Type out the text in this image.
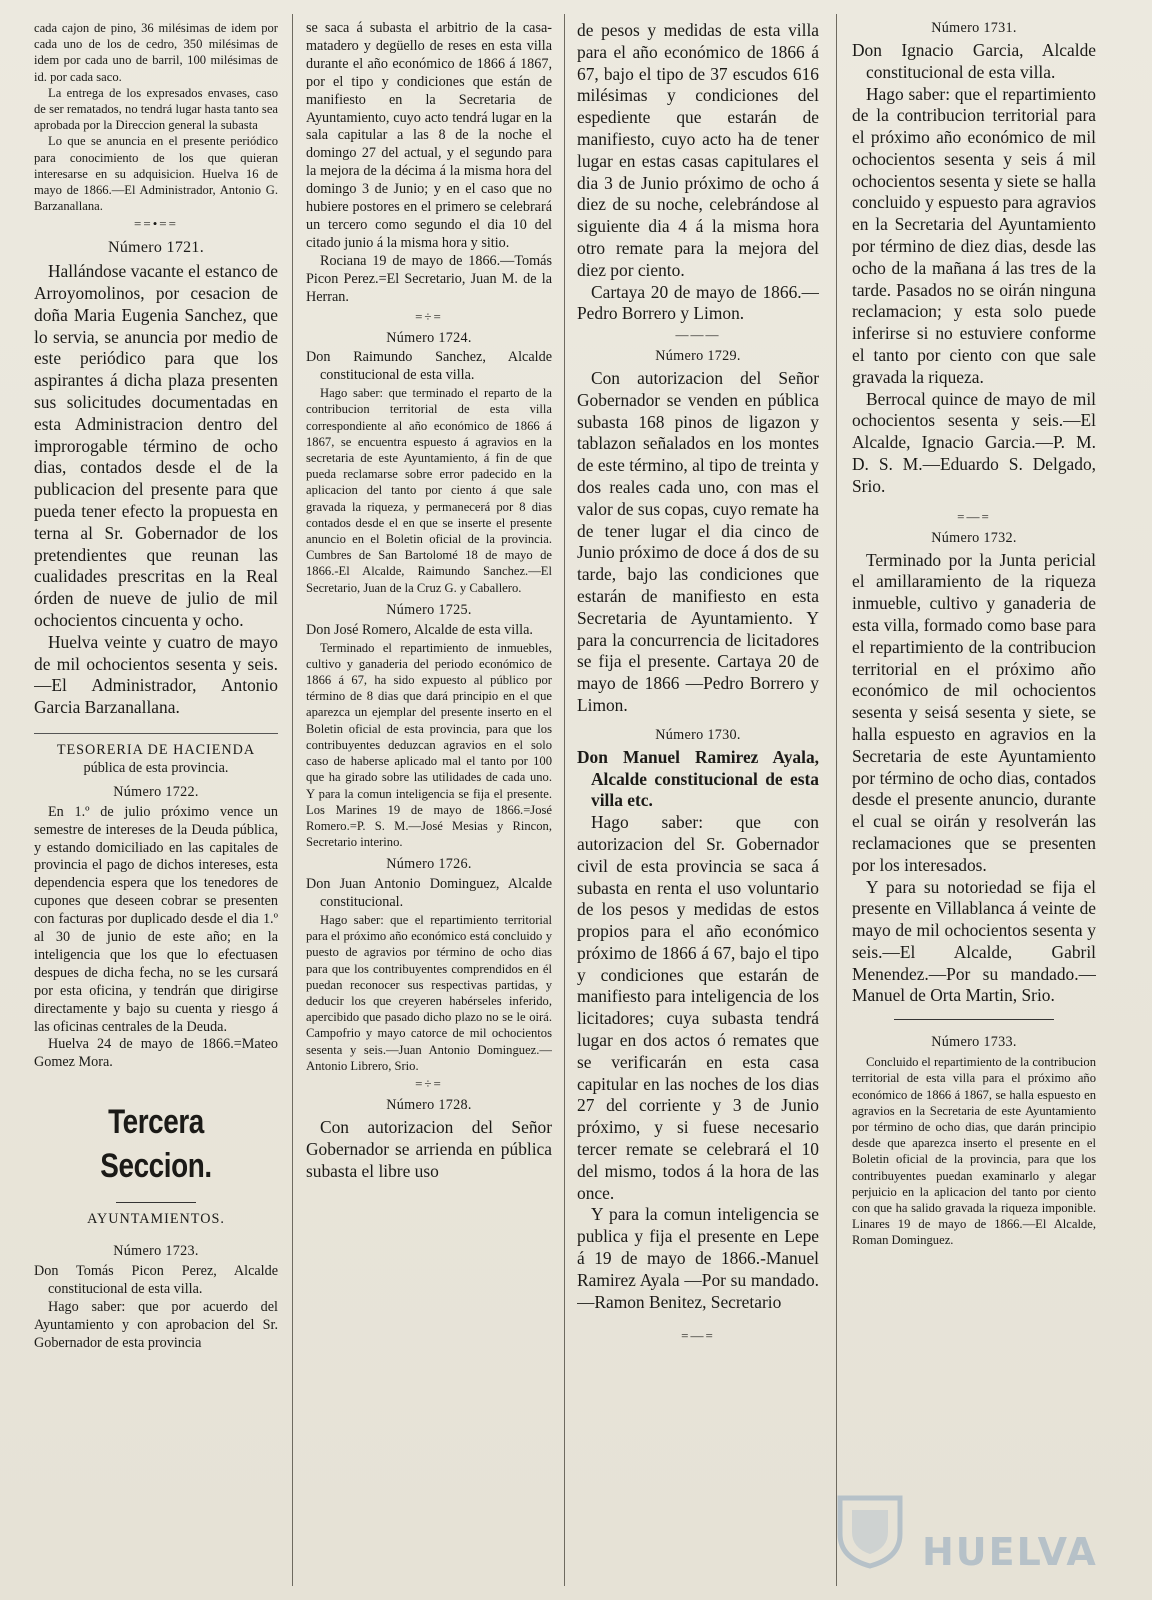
cada cajon de pino, 36 milésimas de idem por cada uno de los de cedro, 350 milésimas de idem por cada uno de barril, 100 milésimas de id. por cada saco.

La entrega de los expresados envases, caso de ser rematados, no tendrá lugar hasta tanto sea aprobada por la Direccion general la subasta

Lo que se anuncia en el presente periódico para conocimiento de los que quieran interesarse en su adquisicion. Huelva 16 de mayo de 1866.—El Administrador, Antonio G. Barzanallana.

==•==
Número 1721.

Hallándose vacante el estanco de Arroyomolinos, por cesacion de doña Maria Eugenia Sanchez, que lo servia, se anuncia por medio de este periódico para que los aspirantes á dicha plaza presenten sus solicitudes documentadas en esta Administracion dentro del improrogable término de ocho dias, contados desde el de la publicacion del presente para que pueda tener efecto la propuesta en terna al Sr. Gobernador de los pretendientes que reunan las cualidades prescritas en la Real órden de nueve de julio de mil ochocientos cincuenta y ocho.

Huelva veinte y cuatro de mayo de mil ochocientos sesenta y seis.—El Administrador, Antonio Garcia Barzanallana.

TESORERIA DE HACIENDA
pública de esta provincia.
Número 1722.

En 1.º de julio próximo vence un semestre de intereses de la Deuda pública, y estando domiciliado en las capitales de provincia el pago de dichos intereses, esta dependencia espera que los tenedores de cupones que deseen cobrar se presenten con facturas por duplicado desde el dia 1.º al 30 de junio de este año; en la inteligencia que los que lo efectuasen despues de dicha fecha, no se les cursará por esta oficina, y tendrán que dirigirse directamente y bajo su cuenta y riesgo á las oficinas centrales de la Deuda.

Huelva 24 de mayo de 1866.=Mateo Gomez Mora.

Tercera Seccion.
AYUNTAMIENTOS.
Número 1723.

Don Tomás Picon Perez, Alcalde constitucional de esta villa.

Hago saber: que por acuerdo del Ayuntamiento y con aprobacion del Sr. Gobernador de esta provincia

se saca á subasta el arbitrio de la casa-matadero y degüello de reses en esta villa durante el año económico de 1866 á 1867, por el tipo y condiciones que están de manifiesto en la Secretaria de Ayuntamiento, cuyo acto tendrá lugar en la sala capitular a las 8 de la noche el domingo 27 del actual, y el segundo para la mejora de la décima á la misma hora del domingo 3 de Junio; y en el caso que no hubiere postores en el primero se celebrará un tercero como segundo el dia 10 del citado junio á la misma hora y sitio.

Rociana 19 de mayo de 1866.—Tomás Picon Perez.=El Secretario, Juan M. de la Herran.

=÷=
Número 1724.

Don Raimundo Sanchez, Alcalde constitucional de esta villa.

Hago saber: que terminado el reparto de la contribucion territorial de esta villa correspondiente al año económico de 1866 á 1867, se encuentra espuesto á agravios en la secretaria de este Ayuntamiento, á fin de que pueda reclamarse sobre error padecido en la aplicacion del tanto por ciento á que sale gravada la riqueza, y permanecerá por 8 dias contados desde el en que se inserte el presente anuncio en el Boletin oficial de la provincia. Cumbres de San Bartolomé 18 de mayo de 1866.-El Alcalde, Raimundo Sanchez.—El Secretario, Juan de la Cruz G. y Caballero.

Número 1725.

Don José Romero, Alcalde de esta villa.

Terminado el repartimiento de inmuebles, cultivo y ganaderia del periodo económico de 1866 á 67, ha sido expuesto al público por término de 8 dias que dará principio en el que aparezca un ejemplar del presente inserto en el Boletin oficial de esta provincia, para que los contribuyentes deduzcan agravios en el solo caso de haberse aplicado mal el tanto por 100 que ha girado sobre las utilidades de cada uno. Y para la comun inteligencia se fija el presente. Los Marines 19 de mayo de 1866.=José Romero.=P. S. M.—José Mesias y Rincon, Secretario interino.

Número 1726.

Don Juan Antonio Dominguez, Alcalde constitucional.

Hago saber: que el repartimiento territorial para el próximo año económico está concluido y puesto de agravios por término de ocho dias para que los contribuyentes comprendidos en él puedan reconocer sus respectivas partidas, y deducir los que creyeren habérseles inferido, apercibido que pasado dicho plazo no se le oirá. Campofrio y mayo catorce de mil ochocientos sesenta y seis.—Juan Antonio Dominguez.—Antonio Librero, Srio.

=÷=
Número 1728.

Con autorizacion del Señor Gobernador se arrienda en pública subasta el libre uso

de pesos y medidas de esta villa para el año económico de 1866 á 67, bajo el tipo de 37 escudos 616 milésimas y condiciones del espediente que estarán de manifiesto, cuyo acto ha de tener lugar en estas casas capitulares el dia 3 de Junio próximo de ocho á diez de su noche, celebrándose al siguiente dia 4 á la misma hora otro remate para la mejora del diez por ciento.

Cartaya 20 de mayo de 1866.—Pedro Borrero y Limon.

———
Número 1729.

Con autorizacion del Señor Gobernador se venden en pública subasta 168 pinos de ligazon y tablazon señalados en los montes de este término, al tipo de treinta y dos reales cada uno, con mas el valor de sus copas, cuyo remate ha de tener lugar el dia cinco de Junio próximo de doce á dos de su tarde, bajo las condiciones que estarán de manifiesto en esta Secretaria de Ayuntamiento. Y para la concurrencia de licitadores se fija el presente. Cartaya 20 de mayo de 1866 —Pedro Borrero y Limon.

Número 1730.

Don Manuel Ramirez Ayala, Alcalde constitucional de esta villa etc.

Hago saber: que con autorizacion del Sr. Gobernador civil de esta provincia se saca á subasta en renta el uso voluntario de los pesos y medidas de estos propios para el año económico próximo de 1866 á 67, bajo el tipo y condiciones que estarán de manifiesto para inteligencia de los licitadores; cuya subasta tendrá lugar en dos actos ó remates que se verificarán en esta casa capitular en las noches de los dias 27 del corriente y 3 de Junio próximo, y si fuese necesario tercer remate se celebrará el 10 del mismo, todos á la hora de las once.

Y para la comun inteligencia se publica y fija el presente en Lepe á 19 de mayo de 1866.-Manuel Ramirez Ayala —Por su mandado.—Ramon Benitez, Secretario

=—=
Número 1731.

Don Ignacio Garcia, Alcalde constitucional de esta villa.

Hago saber: que el repartimiento de la contribucion territorial para el próximo año económico de mil ochocientos sesenta y seis á mil ochocientos sesenta y siete se halla concluido y espuesto para agravios en la Secretaria del Ayuntamiento por término de diez dias, desde las ocho de la mañana á las tres de la tarde. Pasados no se oirán ninguna reclamacion; y esta solo puede inferirse si no estuviere conforme el tanto por ciento con que sale gravada la riqueza.

Berrocal quince de mayo de mil ochocientos sesenta y seis.—El Alcalde, Ignacio Garcia.—P. M. D. S. M.—Eduardo S. Delgado, Srio.

=—=
Número 1732.

Terminado por la Junta pericial el amillaramiento de la riqueza inmueble, cultivo y ganaderia de esta villa, formado como base para el repartimiento de la contribucion territorial en el próximo año económico de mil ochocientos sesenta y seisá sesenta y siete, se halla espuesto en agravios en la Secretaria de este Ayuntamiento por término de ocho dias, contados desde el presente anuncio, durante el cual se oirán y resolverán las reclamaciones que se presenten por los interesados.

Y para su notoriedad se fija el presente en Villablanca á veinte de mayo de mil ochocientos sesenta y seis.—El Alcalde, Gabril Menendez.—Por su mandado.—Manuel de Orta Martin, Srio.

Número 1733.

Concluido el repartimiento de la contribucion territorial de esta villa para el próximo año económico de 1866 á 1867, se halla espuesto en agravios en la Secretaria de este Ayuntamiento por término de ocho dias, que darán principio desde que aparezca inserto el presente en el Boletin oficial de la provincia, para que los contribuyentes puedan examinarlo y alegar perjuicio en la aplicacion del tanto por ciento con que ha salido gravada la riqueza imponible. Linares 19 de mayo de 1866.—El Alcalde, Roman Dominguez.

HUELVA
